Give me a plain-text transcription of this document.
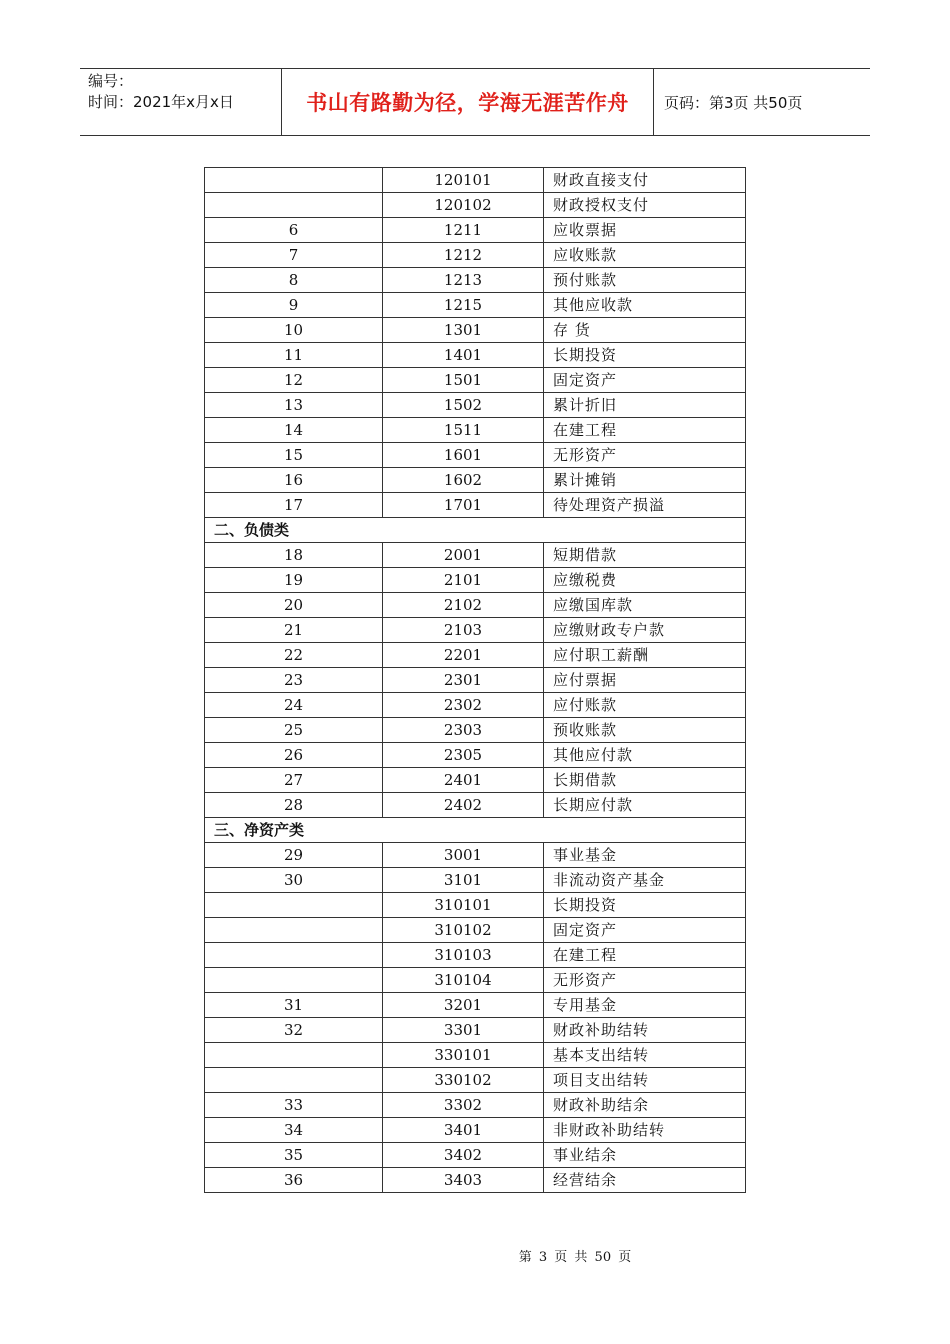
编号：
时间：2021年x月x日	书山有路勤为径，学海无涯苦作舟	页码：第3页 共50页
	120101	财政直接支付
	120102	财政授权支付
6	1211	应收票据
7	1212	应收账款
8	1213	预付账款
9	1215	其他应收款
10	1301	存 货
11	1401	长期投资
12	1501	固定资产
13	1502	累计折旧
14	1511	在建工程
15	1601	无形资产
16	1602	累计摊销
17	1701	待处理资产损溢
二、负债类		
18	2001	短期借款
19	2101	应缴税费
20	2102	应缴国库款
21	2103	应缴财政专户款
22	2201	应付职工薪酬
23	2301	应付票据
24	2302	应付账款
25	2303	预收账款
26	2305	其他应付款
27	2401	长期借款
28	2402	长期应付款
三、净资产类		
29	3001	事业基金
30	3101	非流动资产基金
	310101	长期投资
	310102	固定资产
	310103	在建工程
	310104	无形资产
31	3201	专用基金
32	3301	财政补助结转
	330101	基本支出结转
	330102	项目支出结转
33	3302	财政补助结余
34	3401	非财政补助结转
35	3402	事业结余
36	3403	经营结余
第 3 页 共 50 页
